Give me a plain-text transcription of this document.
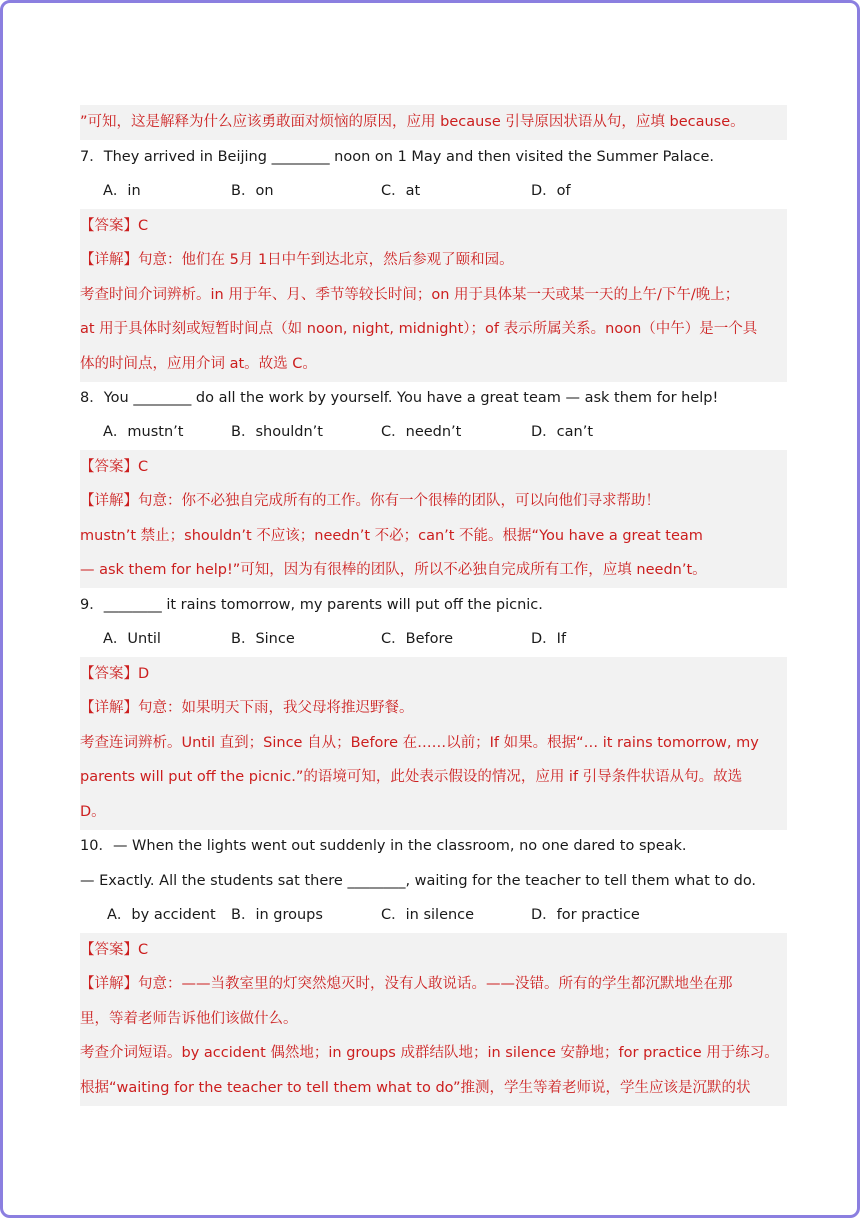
”可知，这是解释为什么应该勇敢面对烦恼的原因，应用 because 引导原因状语从句，应填 because。
7．They arrived in Beijing ________ noon on 1 May and then visited the Summer Palace.
A．in	B．on	C．at	D．of
【答案】C
【详解】句意：他们在 5月 1日中午到达北京，然后参观了颐和园。
考查时间介词辨析。in 用于年、月、季节等较长时间；on 用于具体某一天或某一天的上午/下午/晚上；
at 用于具体时刻或短暂时间点（如 noon, night, midnight）；of 表示所属关系。noon（中午）是一个具
体的时间点，应用介词 at。故选 C。
8．You ________ do all the work by yourself. You have a great team — ask them for help!
A．mustn’t	B．shouldn’t	C．needn’t	D．can’t
【答案】C
【详解】句意：你不必独自完成所有的工作。你有一个很棒的团队，可以向他们寻求帮助！
mustn’t 禁止；shouldn’t 不应该；needn’t 不必；can’t 不能。根据“You have a great team
— ask them for help!”可知，因为有很棒的团队，所以不必独自完成所有工作，应填 needn’t。
9．________ it rains tomorrow, my parents will put off the picnic.
A．Until	B．Since	C．Before	D．If
【答案】D
【详解】句意：如果明天下雨，我父母将推迟野餐。
考查连词辨析。Until 直到；Since 自从；Before 在……以前；If 如果。根据“… it rains tomorrow, my
parents will put off the picnic.”的语境可知，此处表示假设的情况，应用 if 引导条件状语从句。故选
D。
10．— When the lights went out suddenly in the classroom, no one dared to speak.
— Exactly. All the students sat there ________, waiting for the teacher to tell them what to do.
A．by accident B．in groups	C．in silence	D．for practice
【答案】C
【详解】句意：——当教室里的灯突然熄灭时，没有人敢说话。——没错。所有的学生都沉默地坐在那
里，等着老师告诉他们该做什么。
考查介词短语。by accident 偶然地；in groups 成群结队地；in silence 安静地；for practice 用于练习。
根据“waiting for the teacher to tell them what to do”推测，学生等着老师说，学生应该是沉默的状
